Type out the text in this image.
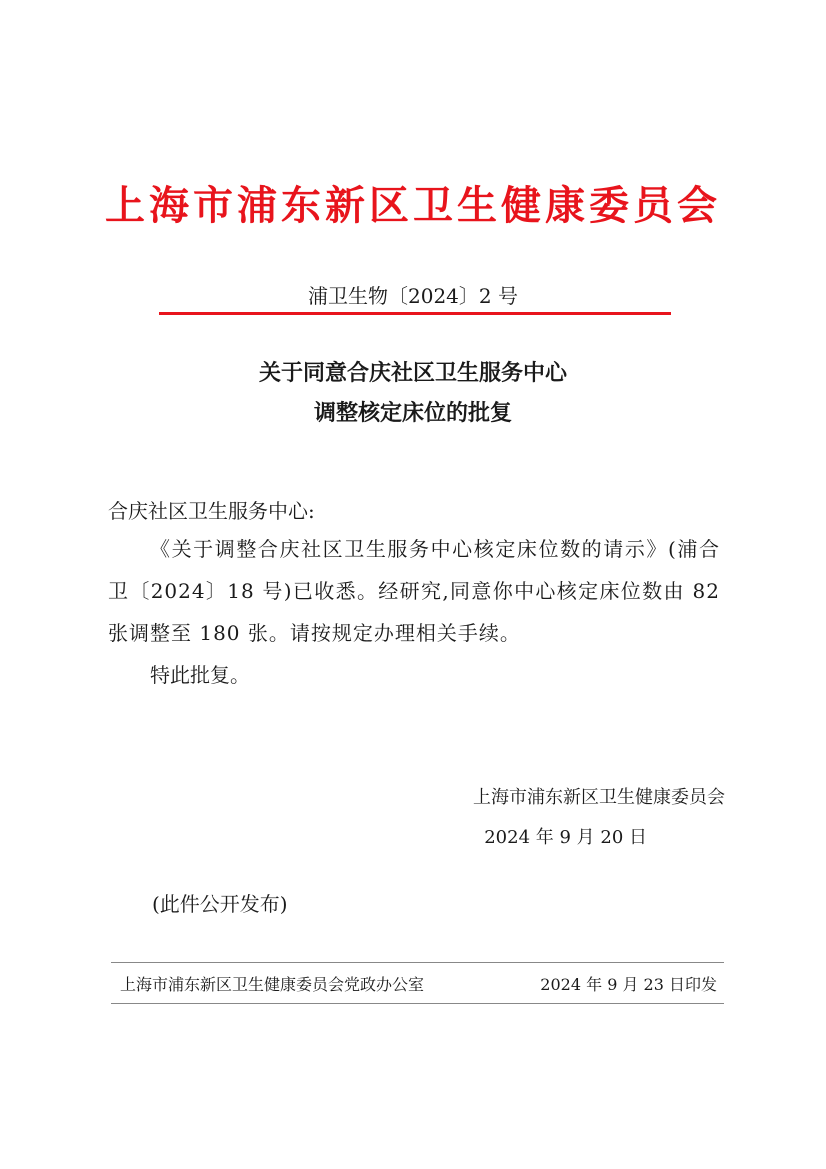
上海市浦东新区卫生健康委员会
浦卫生物〔2024〕2 号
关于同意合庆社区卫生服务中心
调整核定床位的批复
合庆社区卫生服务中心:
《关于调整合庆社区卫生服务中心核定床位数的请示》(浦合卫〔2024〕18 号)已收悉。经研究,同意你中心核定床位数由 82 张调整至 180 张。请按规定办理相关手续。
特此批复。
上海市浦东新区卫生健康委员会
2024 年 9 月 20 日
(此件公开发布)
上海市浦东新区卫生健康委员会党政办公室	2024 年 9 月 23 日印发
